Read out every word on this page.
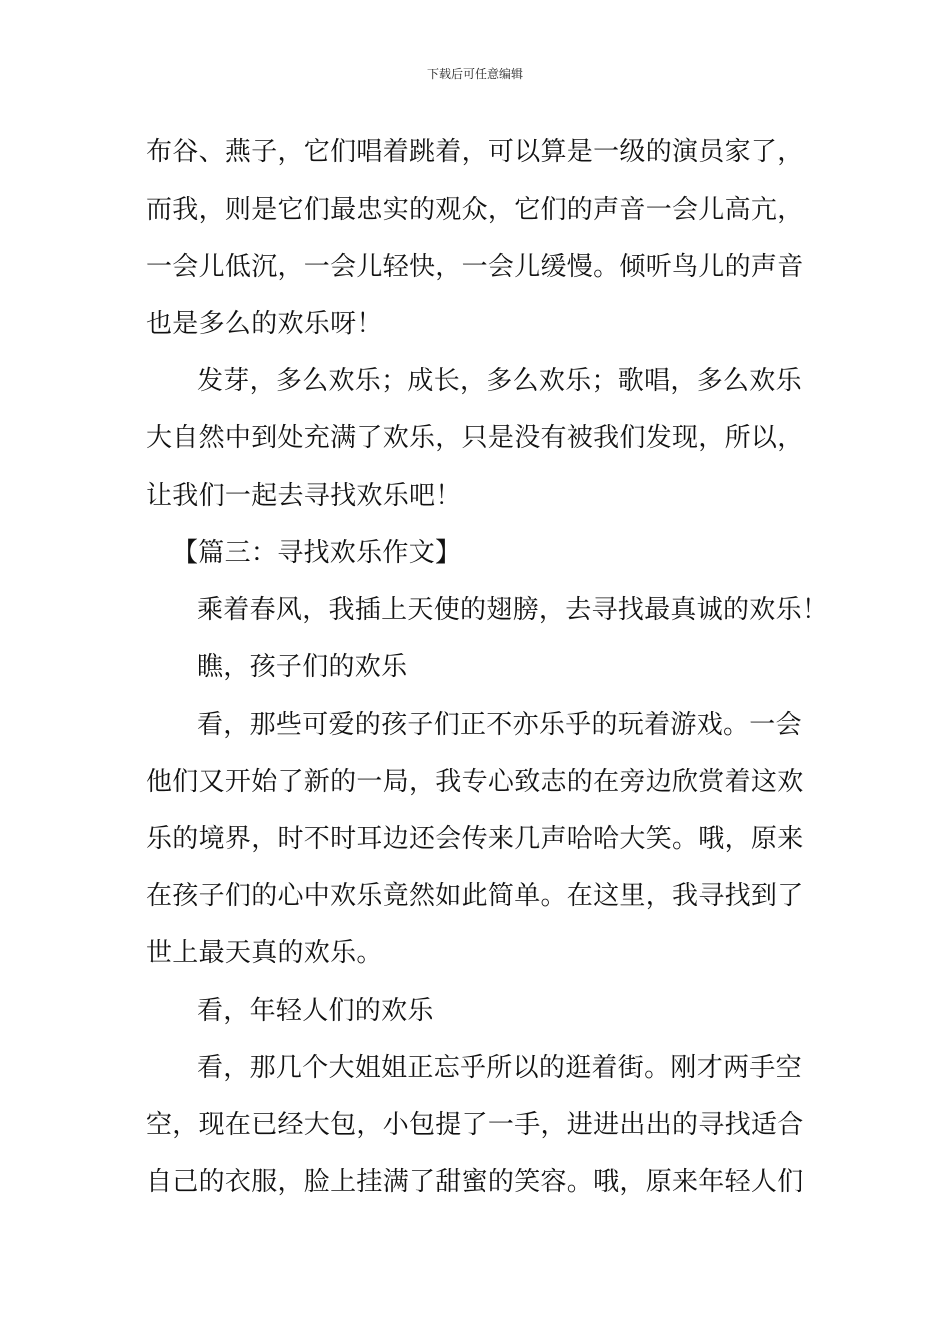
下载后可任意编辑
布谷、燕子，它们唱着跳着，可以算是一级的演员家了，
而我，则是它们最忠实的观众，它们的声音一会儿高亢，
一会儿低沉，一会儿轻快，一会儿缓慢。倾听鸟儿的声音
也是多么的欢乐呀！
发芽，多么欢乐；成长，多么欢乐；歌唱，多么欢乐
大自然中到处充满了欢乐，只是没有被我们发现，所以，
让我们一起去寻找欢乐吧！
【篇三：寻找欢乐作文】
乘着春风，我插上天使的翅膀，去寻找最真诚的欢乐！
瞧，孩子们的欢乐
看，那些可爱的孩子们正不亦乐乎的玩着游戏。一会
他们又开始了新的一局，我专心致志的在旁边欣赏着这欢
乐的境界，时不时耳边还会传来几声哈哈大笑。哦，原来
在孩子们的心中欢乐竟然如此简单。在这里，我寻找到了
世上最天真的欢乐。
看，年轻人们的欢乐
看，那几个大姐姐正忘乎所以的逛着街。刚才两手空
空，现在已经大包，小包提了一手，进进出出的寻找适合
自己的衣服，脸上挂满了甜蜜的笑容。哦，原来年轻人们
